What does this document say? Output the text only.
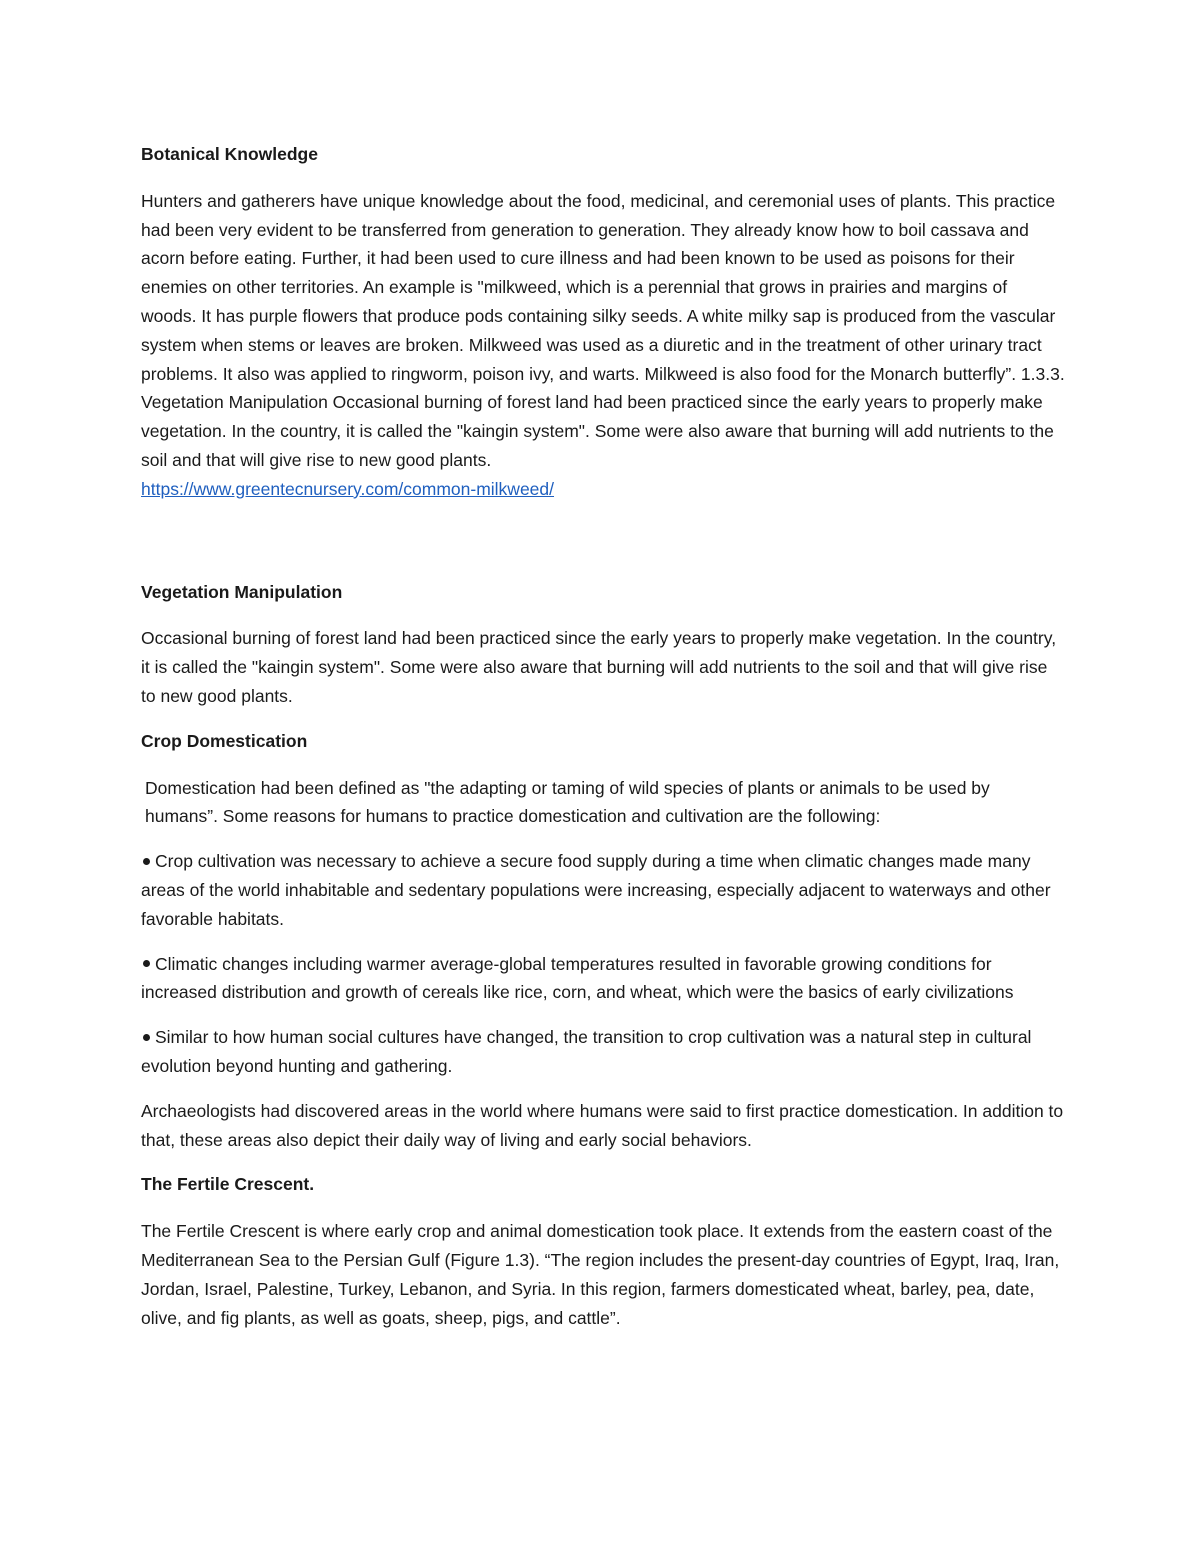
Botanical Knowledge
Hunters and gatherers have unique knowledge about the food, medicinal, and ceremonial uses of plants. This practice had been very evident to be transferred from generation to generation. They already know how to boil cassava and acorn before eating. Further, it had been used to cure illness and had been known to be used as poisons for their enemies on other territories. An example is "milkweed, which is a perennial that grows in prairies and margins of woods. It has purple flowers that produce pods containing silky seeds. A white milky sap is produced from the vascular system when stems or leaves are broken. Milkweed was used as a diuretic and in the treatment of other urinary tract problems. It also was applied to ringworm, poison ivy, and warts. Milkweed is also food for the Monarch butterfly”. 1.3.3. Vegetation Manipulation Occasional burning of forest land had been practiced since the early years to properly make vegetation. In the country, it is called the "kaingin system". Some were also aware that burning will add nutrients to the soil and that will give rise to new good plants.
https://www.greentecnursery.com/common-milkweed/
Vegetation Manipulation
Occasional burning of forest land had been practiced since the early years to properly make vegetation. In the country, it is called the "kaingin system". Some were also aware that burning will add nutrients to the soil and that will give rise to new good plants.
Crop Domestication
Domestication had been defined as "the adapting or taming of wild species of plants or animals to be used by humans”. Some reasons for humans to practice domestication and cultivation are the following:
Crop cultivation was necessary to achieve a secure food supply during a time when climatic changes made many areas of the world inhabitable and sedentary populations were increasing, especially adjacent to waterways and other favorable habitats.
Climatic changes including warmer average-global temperatures resulted in favorable growing conditions for increased distribution and growth of cereals like rice, corn, and wheat, which were the basics of early civilizations
Similar to how human social cultures have changed, the transition to crop cultivation was a natural step in cultural evolution beyond hunting and gathering.
Archaeologists had discovered areas in the world where humans were said to first practice domestication. In addition to that, these areas also depict their daily way of living and early social behaviors.
The Fertile Crescent.
The Fertile Crescent is where early crop and animal domestication took place. It extends from the eastern coast of the Mediterranean Sea to the Persian Gulf (Figure 1.3). “The region includes the present-day countries of Egypt, Iraq, Iran, Jordan, Israel, Palestine, Turkey, Lebanon, and Syria. In this region, farmers domesticated wheat, barley, pea, date, olive, and fig plants, as well as goats, sheep, pigs, and cattle”.
